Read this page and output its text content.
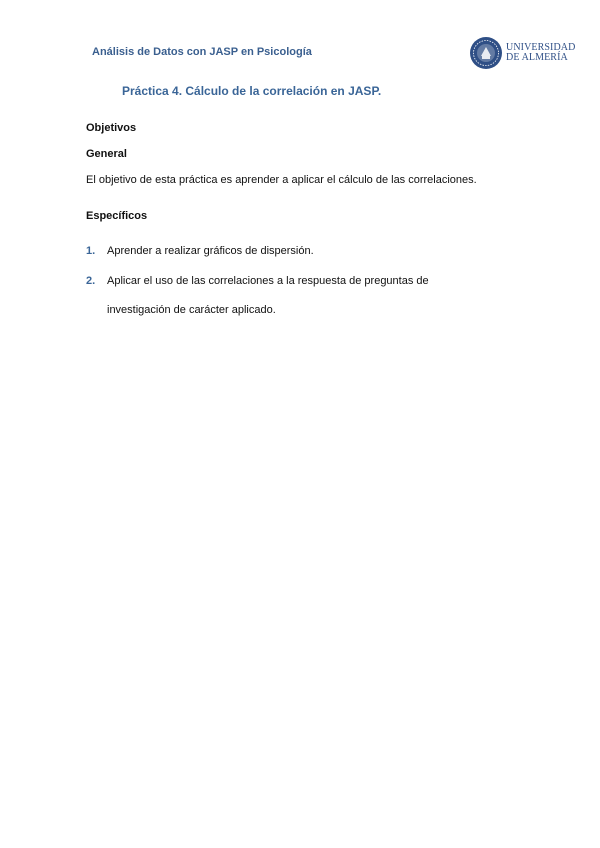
Análisis de Datos con JASP en Psicología	UNIVERSIDAD
DE ALMERÍA
Práctica 4. Cálculo de la correlación en JASP.
Objetivos
General
El objetivo de esta práctica es aprender a aplicar el cálculo de las correlaciones.
Específicos
1.	Aprender a realizar gráficos de dispersión.
2.	Aplicar el uso de las correlaciones a la respuesta de preguntas de
investigación de carácter aplicado.
